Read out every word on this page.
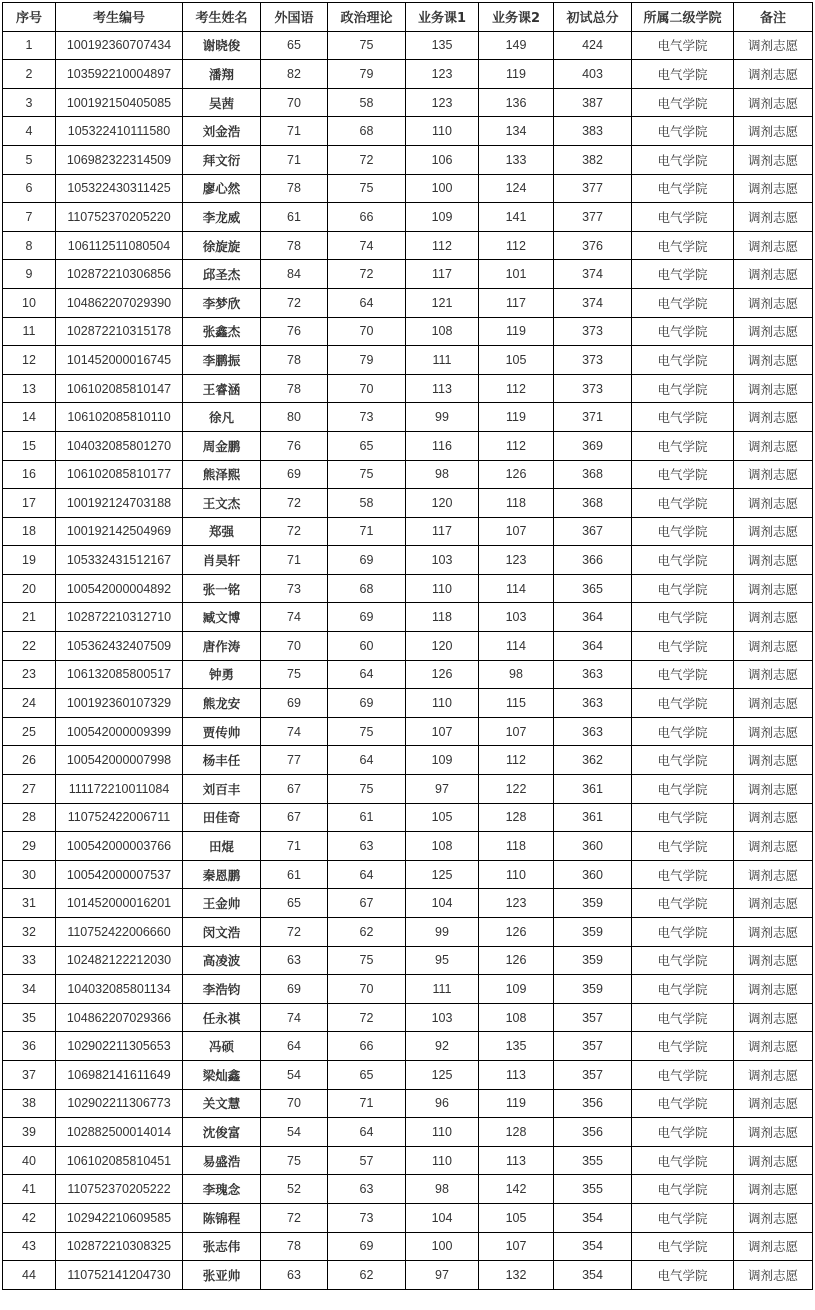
序号	考生编号	考生姓名	外国语	政治理论	业务课1	业务课2	初试总分	所属二级学院	备注
1	100192360707434	谢晓俊	65	75	135	149	424	电气学院	调剂志愿
2	103592210004897	潘翔	82	79	123	119	403	电气学院	调剂志愿
3	100192150405085	吴茜	70	58	123	136	387	电气学院	调剂志愿
4	105322410111580	刘金浩	71	68	110	134	383	电气学院	调剂志愿
5	106982322314509	拜文衍	71	72	106	133	382	电气学院	调剂志愿
6	105322430311425	廖心然	78	75	100	124	377	电气学院	调剂志愿
7	110752370205220	李龙威	61	66	109	141	377	电气学院	调剂志愿
8	106112511080504	徐旋旋	78	74	112	112	376	电气学院	调剂志愿
9	102872210306856	邱圣杰	84	72	117	101	374	电气学院	调剂志愿
10	104862207029390	李梦欣	72	64	121	117	374	电气学院	调剂志愿
11	102872210315178	张鑫杰	76	70	108	119	373	电气学院	调剂志愿
12	101452000016745	李鹏振	78	79	111	105	373	电气学院	调剂志愿
13	106102085810147	王睿涵	78	70	113	112	373	电气学院	调剂志愿
14	106102085810110	徐凡	80	73	99	119	371	电气学院	调剂志愿
15	104032085801270	周金鹏	76	65	116	112	369	电气学院	调剂志愿
16	106102085810177	熊泽熙	69	75	98	126	368	电气学院	调剂志愿
17	100192124703188	王文杰	72	58	120	118	368	电气学院	调剂志愿
18	100192142504969	郑强	72	71	117	107	367	电气学院	调剂志愿
19	105332431512167	肖昊轩	71	69	103	123	366	电气学院	调剂志愿
20	100542000004892	张一铭	73	68	110	114	365	电气学院	调剂志愿
21	102872210312710	臧文博	74	69	118	103	364	电气学院	调剂志愿
22	105362432407509	唐作涛	70	60	120	114	364	电气学院	调剂志愿
23	106132085800517	钟勇	75	64	126	98	363	电气学院	调剂志愿
24	100192360107329	熊龙安	69	69	110	115	363	电气学院	调剂志愿
25	100542000009399	贾传帅	74	75	107	107	363	电气学院	调剂志愿
26	100542000007998	杨丰任	77	64	109	112	362	电气学院	调剂志愿
27	111172210011084	刘百丰	67	75	97	122	361	电气学院	调剂志愿
28	110752422006711	田佳奇	67	61	105	128	361	电气学院	调剂志愿
29	100542000003766	田焜	71	63	108	118	360	电气学院	调剂志愿
30	100542000007537	秦恩鹏	61	64	125	110	360	电气学院	调剂志愿
31	101452000016201	王金帅	65	67	104	123	359	电气学院	调剂志愿
32	110752422006660	闵文浩	72	62	99	126	359	电气学院	调剂志愿
33	102482122212030	高凌波	63	75	95	126	359	电气学院	调剂志愿
34	104032085801134	李浩钧	69	70	111	109	359	电气学院	调剂志愿
35	104862207029366	任永祺	74	72	103	108	357	电气学院	调剂志愿
36	102902211305653	冯硕	64	66	92	135	357	电气学院	调剂志愿
37	106982141611649	梁灿鑫	54	65	125	113	357	电气学院	调剂志愿
38	102902211306773	关文慧	70	71	96	119	356	电气学院	调剂志愿
39	102882500014014	沈俊富	54	64	110	128	356	电气学院	调剂志愿
40	106102085810451	易盛浩	75	57	110	113	355	电气学院	调剂志愿
41	110752370205222	李瑰念	52	63	98	142	355	电气学院	调剂志愿
42	102942210609585	陈锦程	72	73	104	105	354	电气学院	调剂志愿
43	102872210308325	张志伟	78	69	100	107	354	电气学院	调剂志愿
44	110752141204730	张亚帅	63	62	97	132	354	电气学院	调剂志愿
